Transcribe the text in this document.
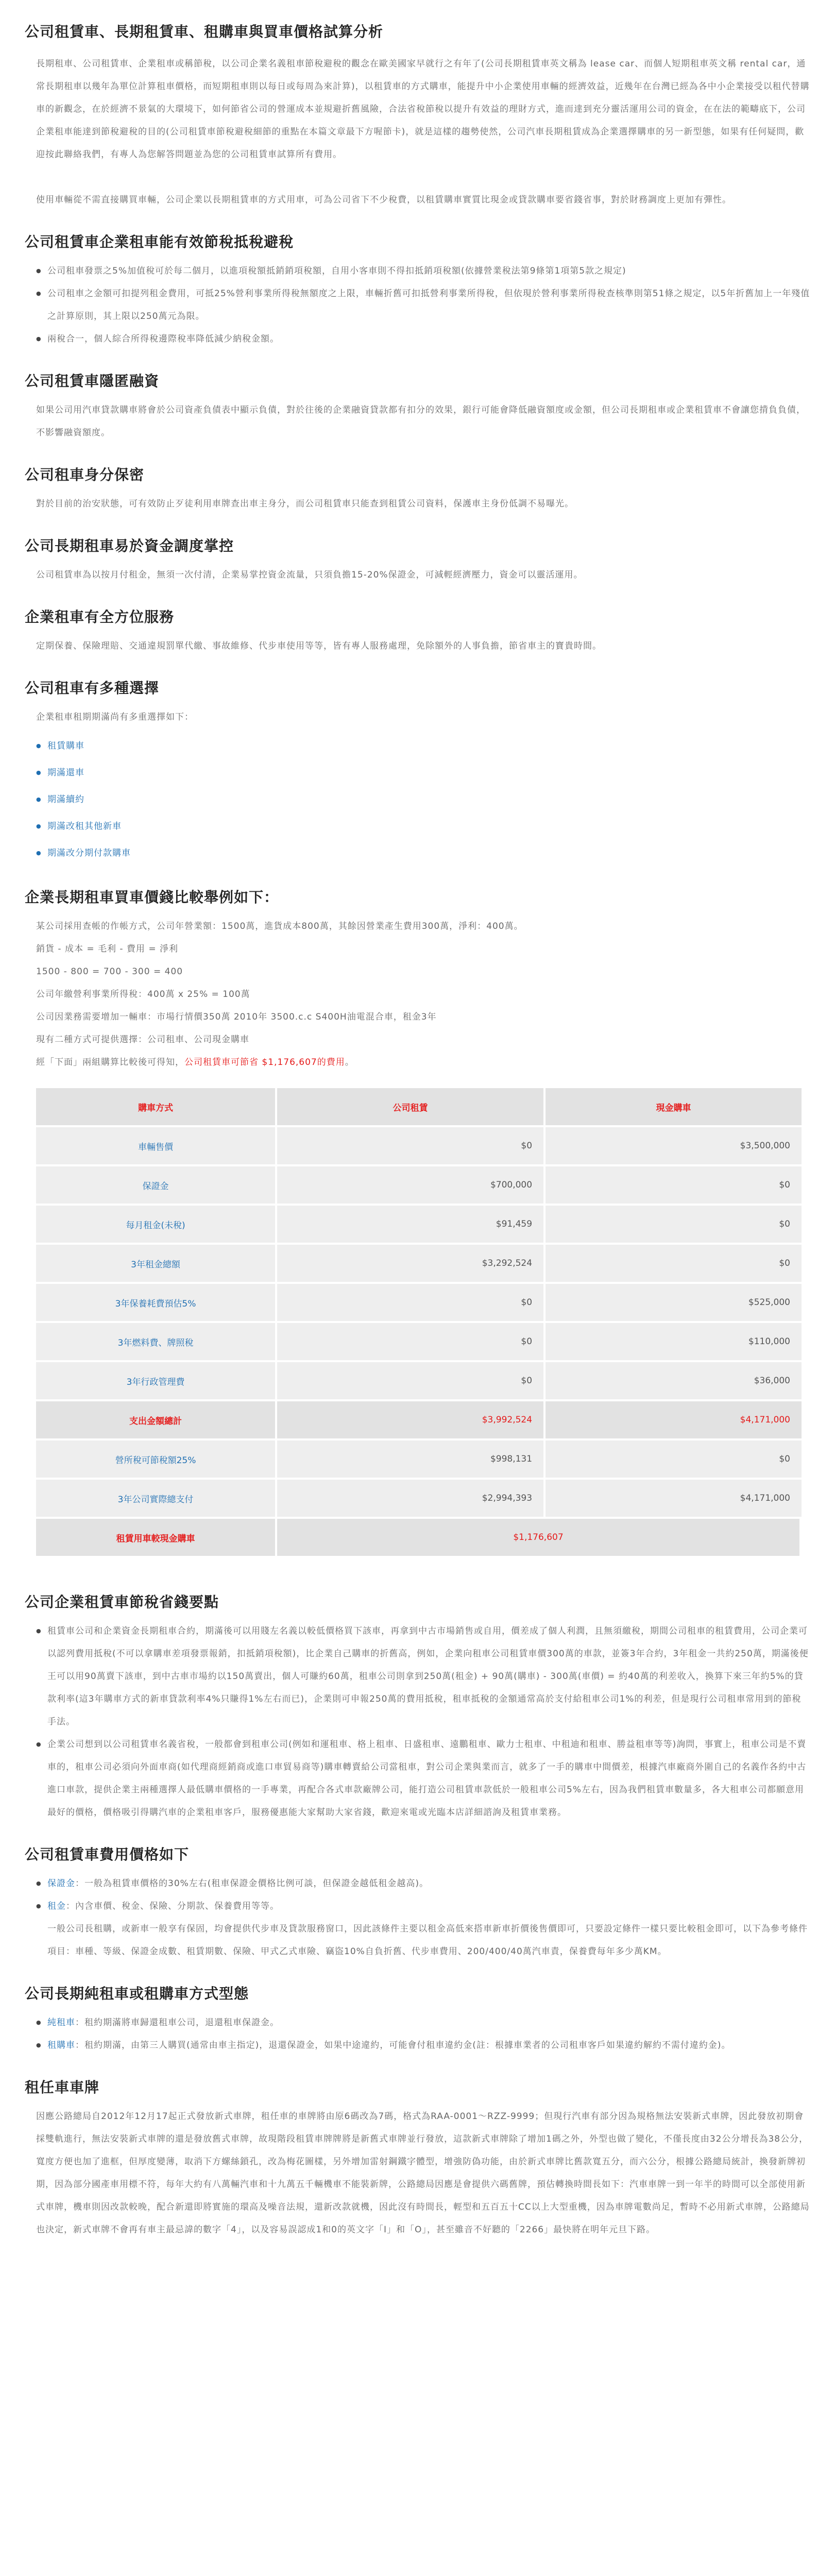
公司租賃車、長期租賃車、租購車與買車價格試算分析

長期租車、公司租賃車、企業租車或稱節稅，以公司企業名義租車節稅避稅的觀念在歐美國家早就行之有年了(公司長期租賃車英文稱為 lease car、而個人短期租車英文稱 rental car，通常長期租車以幾年為單位計算租車價格，而短期租車則以每日或每周為來計算)，以租賃車的方式購車，能提升中小企業使用車輛的經濟效益，近幾年在台灣已經為各中小企業接受以租代替購車的新觀念，在於經濟不景氣的大環境下，如何節省公司的營運成本並規避折舊風險，合法省稅節稅以提升有效益的理財方式，進而達到充分靈活運用公司的資金，在在法的範疇底下，公司企業租車能達到節稅避稅的目的(公司租賃車節稅避稅細節的重點在本篇文章最下方喔節卡)，就是這樣的趨勢使然，公司汽車長期租賃成為企業選擇購車的另一新型態，如果有任何疑問，歡迎按此聯絡我們，有專人為您解答問題並為您的公司租賃車試算所有費用。

使用車輛從不需直接購買車輛，公司企業以長期租賃車的方式用車，可為公司省下不少稅費，以租賃購車實質比現金或貸款購車要省錢省事，對於財務調度上更加有彈性。

公司租賃車企業租車能有效節稅抵稅避稅
● 公司租車發票之5%加值稅可於每二個月，以進項稅額抵銷銷項稅額，自用小客車則不得扣抵銷項稅額(依據營業稅法第9條第1項第5款之規定)
● 公司租車之金額可扣提列租金費用，可抵25%營利事業所得稅無額度之上限，車輛折舊可扣抵營利事業所得稅，但依現於營利事業所得稅查核準則第51條之規定，以5年折舊加上一年殘值之計算原則，其上限以250萬元為限。
● 兩稅合一，個人綜合所得稅邊際稅率降低減少納稅金額。
公司租賃車隱匿融資

如果公司用汽車貸款購車將會於公司資產負債表中顯示負債，對於往後的企業融資貸款都有扣分的效果，銀行可能會降低融資額度或金額，但公司長期租車或企業租賃車不會讓您揹負負債，不影響融資額度。

公司租車身分保密

對於目前的治安狀態，可有效防止歹徒利用車牌查出車主身分，而公司租賃車只能查到租賃公司資料，保護車主身份低調不易曝光。

公司長期租車易於資金調度掌控

公司租賃車為以按月付租金，無須一次付清，企業易掌控資金流量，只須負擔15-20%保證金，可減輕經濟壓力，資金可以靈活運用。

企業租車有全方位服務

定期保養、保險理賠、交通違規罰單代繳、事故維修、代步車使用等等，皆有專人服務處理，免除額外的人事負擔，節省車主的寶貴時間。

公司租車有多種選擇

企業租車租期期滿尚有多重選擇如下：

● 租賃購車
● 期滿還車
● 期滿續約
● 期滿改租其他新車
● 期滿改分期付款購車
企業長期租車買車價錢比較舉例如下：

某公司採用查帳的作帳方式，公司年營業額：1500萬，進貨成本800萬，其餘因營業產生費用300萬，淨利：400萬。

銷貨 - 成本 = 毛利 - 費用 = 淨利

1500 - 800 = 700 - 300 = 400

公司年繳營利事業所得稅：400萬 x 25% = 100萬

公司因業務需要增加一輛車：市場行情價350萬 2010年 3500.c.c S400H油電混合車，租金3年

現有二種方式可提供選擇：公司租車、公司現金購車

經「下面」兩組購算比較後可得知，公司租賃車可節省 $1,176,607的費用。

購車方式	公司租賃	現金購車
車輛售價	$0	$3,500,000
保證金	$700,000	$0
每月租金(未稅)	$91,459	$0
3年租金總額	$3,292,524	$0
3年保養耗費預估5%	$0	$525,000
3年燃料費、牌照稅	$0	$110,000
3年行政管理費	$0	$36,000
支出金額總計	$3,992,524	$4,171,000
營所稅可節稅額25%	$998,131	$0
3年公司實際總支付	$2,994,393	$4,171,000
租賃用車較現金購車	$1,176,607	
公司企業租賃車節稅省錢要點
● 租賃車公司和企業資金長期租車合約，期滿後可以用賤左名義以較低價格買下該車，再拿到中古市場銷售或自用，價差成了個人利潤，且無須繳稅，期間公司租車的租賃費用，公司企業可以認列費用抵稅(不可以拿購車差項發票報銷，扣抵銷項稅額)，比企業自己購車的折舊高，例如，企業向租車公司租賃車價300萬的車款，並簽3年合約，3年租金一共約250萬，期滿後便王可以用90萬賣下該車，到中古車市場約以150萬賣出，個人可賺約60萬，租車公司則拿到250萬(租金) + 90萬(購車) - 300萬(車價) = 約40萬的利差收入，換算下來三年約5%的貸款利率(這3年購車方式的新車貸款利率4%只賺得1%左右而已)，企業則可申報250萬的費用抵稅，租車抵稅的金額通常高於支付給租車公司1%的利差，但是現行公司租車常用到的節稅手法。
● 企業公司想到以公司租賃車名義省稅，一般都會到租車公司(例如和運租車、格上租車、日盛租車、遠鵬租車、歐力士租車、中租迪和租車、勝益租車等等)詢問，事實上，租車公司是不賣車的，租車公司必須向外面車商(如代理商經銷商或進口車貿易商等)購車轉賣給公司當租車，對公司企業與業而言，就多了一手的購車中間價差，根據汽車廠商外圍自己的名義作各約中古進口車款，提供企業主兩種選擇人最低購車價格的一手專業，再配合各式車款廠牌公司，能打造公司租賃車款低於一般租車公司5%左右，因為我們租賃車數量多，各大租車公司都願意用最好的價格，價格吸引得購汽車的企業租車客戶，服務優惠能大家幫助大家省錢，歡迎來電或光臨本店詳細諮詢及租賃車業務。
公司租賃車費用價格如下
● 保證金：一般為租賃車價格的30%左右(租車保證金價格比例可談，但保證金越低租金越高)。
● 租金：內含車價、稅金、保險、分期款、保養費用等等。
一般公司長租購，或新車一般享有保固，均會提供代步車及貸款服務窗口，因此該條件主要以租金高低來搭車新車折價後售價即可，只要設定條件一樣只要比較租金即可，以下為參考條件項目：車種、等級、保證金成數、租賃期數、保險、甲式乙式車險、竊盜10%自負折舊、代步車費用、200/400/40萬汽車責，保養費每年多少萬KM。
公司長期純租車或租購車方式型態
● 純租車：租約期滿將車歸還租車公司，退還租車保證金。
● 租購車：租約期滿，由第三人購買(通常由車主指定)，退還保證金，如果中途違約，可能會付租車違約金(註：根據車業者的公司租車客戶如果違約解約不需付違約金)。
租任車車牌

因應公路總局自2012年12月17起正式發放新式車牌，租任車的車牌將由原6碼改為7碼，格式為RAA-0001～RZZ-9999；但現行汽車有部分因為規格無法安裝新式車牌，因此發放初期會採雙軌進行，無法安裝新式車牌的還是發放舊式車牌，故現階段租賃車牌牌將是新舊式車牌並行發放，這款新式車牌除了增加1碼之外，外型也做了變化，不僅長度由32公分增長為38公分，寬度方便也加了進框，但厚度變薄，取消下方螺絲鎖孔，改為梅花圖樣，另外增加雷射鋼鐵字體型，增強防偽功能，由於新式車牌比舊款寬五分，而六公分，根據公路總局統計，換發新牌初期，因為部分國產車用標不符，每年大約有八萬輛汽車和十九萬五千輛機車不能裝新牌，公路總局因應是會提供六碼舊牌，預估轉換時間長如下：汽車車牌一到一年半的時間可以全部使用新式車牌，機車則因改款較晚，配合新還即將實施的環高及噪音法規，還新改款就機，因此沒有時間長，輕型和五百五十CC以上大型重機，因為車牌電數尚足，暫時不必用新式車牌，公路總局也決定，新式車牌不會再有車主最忌諱的數字「4」，以及容易誤認成1和0的英文字「I」和「O」，甚至雖音不好聽的「2266」最快將在明年元旦下路。
